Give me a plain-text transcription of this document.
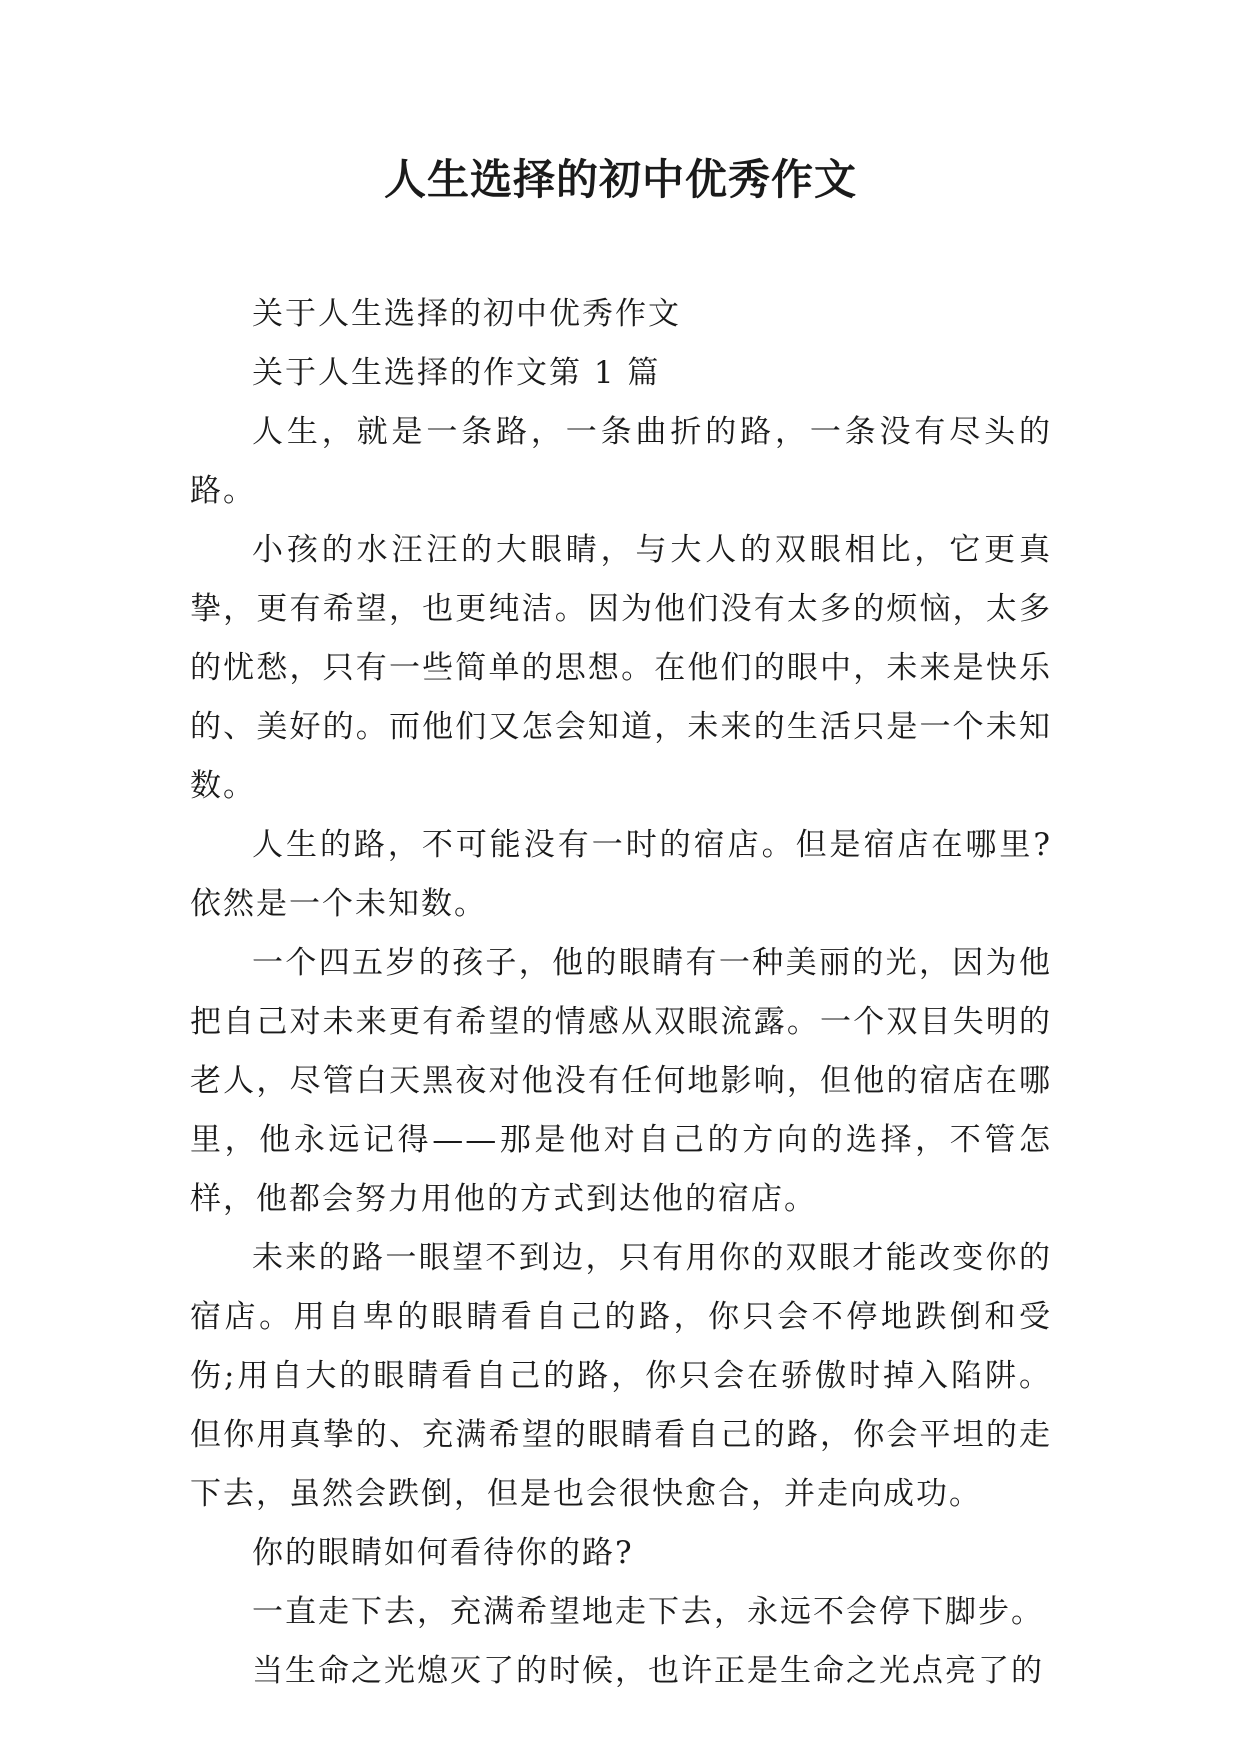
人生选择的初中优秀作文

关于人生选择的初中优秀作文

关于人生选择的作文第 1 篇

人生，就是一条路，一条曲折的路，一条没有尽头的路。

小孩的水汪汪的大眼睛，与大人的双眼相比，它更真挚，更有希望，也更纯洁。因为他们没有太多的烦恼，太多的忧愁，只有一些简单的思想。在他们的眼中，未来是快乐的、美好的。而他们又怎会知道，未来的生活只是一个未知数。

人生的路，不可能没有一时的宿店。但是宿店在哪里?依然是一个未知数。

一个四五岁的孩子，他的眼睛有一种美丽的光，因为他把自己对未来更有希望的情感从双眼流露。一个双目失明的老人，尽管白天黑夜对他没有任何地影响，但他的宿店在哪里，他永远记得——那是他对自己的方向的选择，不管怎样，他都会努力用他的方式到达他的宿店。

未来的路一眼望不到边，只有用你的双眼才能改变你的宿店。用自卑的眼睛看自己的路，你只会不停地跌倒和受伤;用自大的眼睛看自己的路，你只会在骄傲时掉入陷阱。但你用真挚的、充满希望的眼睛看自己的路，你会平坦的走下去，虽然会跌倒，但是也会很快愈合，并走向成功。

你的眼睛如何看待你的路?

一直走下去，充满希望地走下去，永远不会停下脚步。

当生命之光熄灭了的时候，也许正是生命之光点亮了的
